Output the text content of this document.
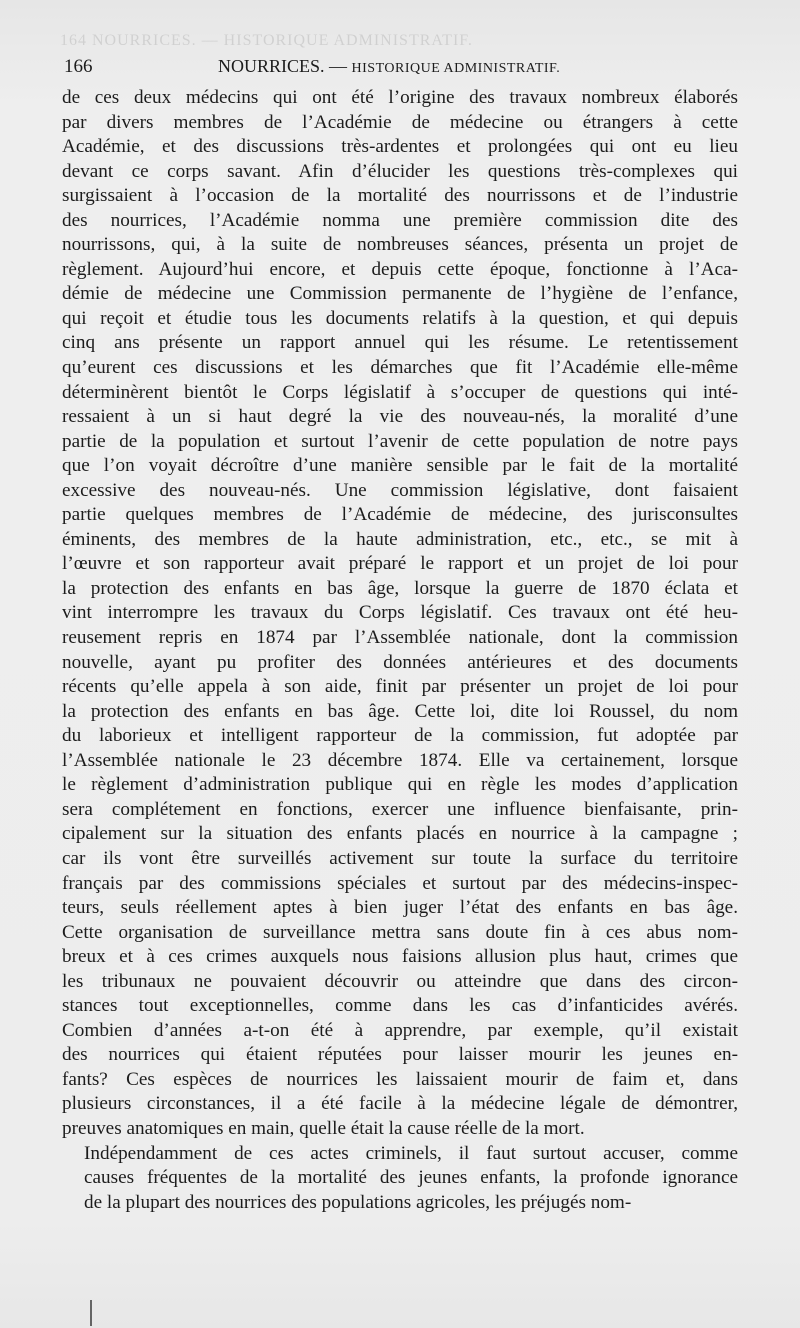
164 NOURRICES. — HISTORIQUE ADMINISTRATIF.
166	NOURRICES. — HISTORIQUE ADMINISTRATIF.

de ces deux médecins qui ont été l’origine des travaux nombreux élaborés
par divers membres de l’Académie de médecine ou étrangers à cette
Académie, et des discussions très-ardentes et prolongées qui ont eu lieu
devant ce corps savant. Afin d’élucider les questions très-complexes qui
surgissaient à l’occasion de la mortalité des nourrissons et de l’industrie
des nourrices, l’Académie nomma une première commission dite des
nourrissons, qui, à la suite de nombreuses séances, présenta un projet de
règlement. Aujourd’hui encore, et depuis cette époque, fonctionne à l’Aca-
démie de médecine une Commission permanente de l’hygiène de l’enfance,
qui reçoit et étudie tous les documents relatifs à la question, et qui depuis
cinq ans présente un rapport annuel qui les résume. Le retentissement
qu’eurent ces discussions et les démarches que fit l’Académie elle-même
déterminèrent bientôt le Corps législatif à s’occuper de questions qui inté-
ressaient à un si haut degré la vie des nouveau-nés, la moralité d’une
partie de la population et surtout l’avenir de cette population de notre pays
que l’on voyait décroître d’une manière sensible par le fait de la mortalité
excessive des nouveau-nés. Une commission législative, dont faisaient
partie quelques membres de l’Académie de médecine, des jurisconsultes
éminents, des membres de la haute administration, etc., etc., se mit à
l’œuvre et son rapporteur avait préparé le rapport et un projet de loi pour
la protection des enfants en bas âge, lorsque la guerre de 1870 éclata et
vint interrompre les travaux du Corps législatif. Ces travaux ont été heu-
reusement repris en 1874 par l’Assemblée nationale, dont la commission
nouvelle, ayant pu profiter des données antérieures et des documents
récents qu’elle appela à son aide, finit par présenter un projet de loi pour
la protection des enfants en bas âge. Cette loi, dite loi Roussel, du nom
du laborieux et intelligent rapporteur de la commission, fut adoptée par
l’Assemblée nationale le 23 décembre 1874. Elle va certainement, lorsque
le règlement d’administration publique qui en règle les modes d’application
sera complétement en fonctions, exercer une influence bienfaisante, prin-
cipalement sur la situation des enfants placés en nourrice à la campagne ;
car ils vont être surveillés activement sur toute la surface du territoire
français par des commissions spéciales et surtout par des médecins-inspec-
teurs, seuls réellement aptes à bien juger l’état des enfants en bas âge.
Cette organisation de surveillance mettra sans doute fin à ces abus nom-
breux et à ces crimes auxquels nous faisions allusion plus haut, crimes que
les tribunaux ne pouvaient découvrir ou atteindre que dans des circon-
stances tout exceptionnelles, comme dans les cas d’infanticides avérés.
Combien d’années a-t-on été à apprendre, par exemple, qu’il existait
des nourrices qui étaient réputées pour laisser mourir les jeunes en-
fants? Ces espèces de nourrices les laissaient mourir de faim et, dans
plusieurs circonstances, il a été facile à la médecine légale de démontrer,
preuves anatomiques en main, quelle était la cause réelle de la mort.

Indépendamment de ces actes criminels, il faut surtout accuser, comme
causes fréquentes de la mortalité des jeunes enfants, la profonde ignorance
de la plupart des nourrices des populations agricoles, les préjugés nom-
